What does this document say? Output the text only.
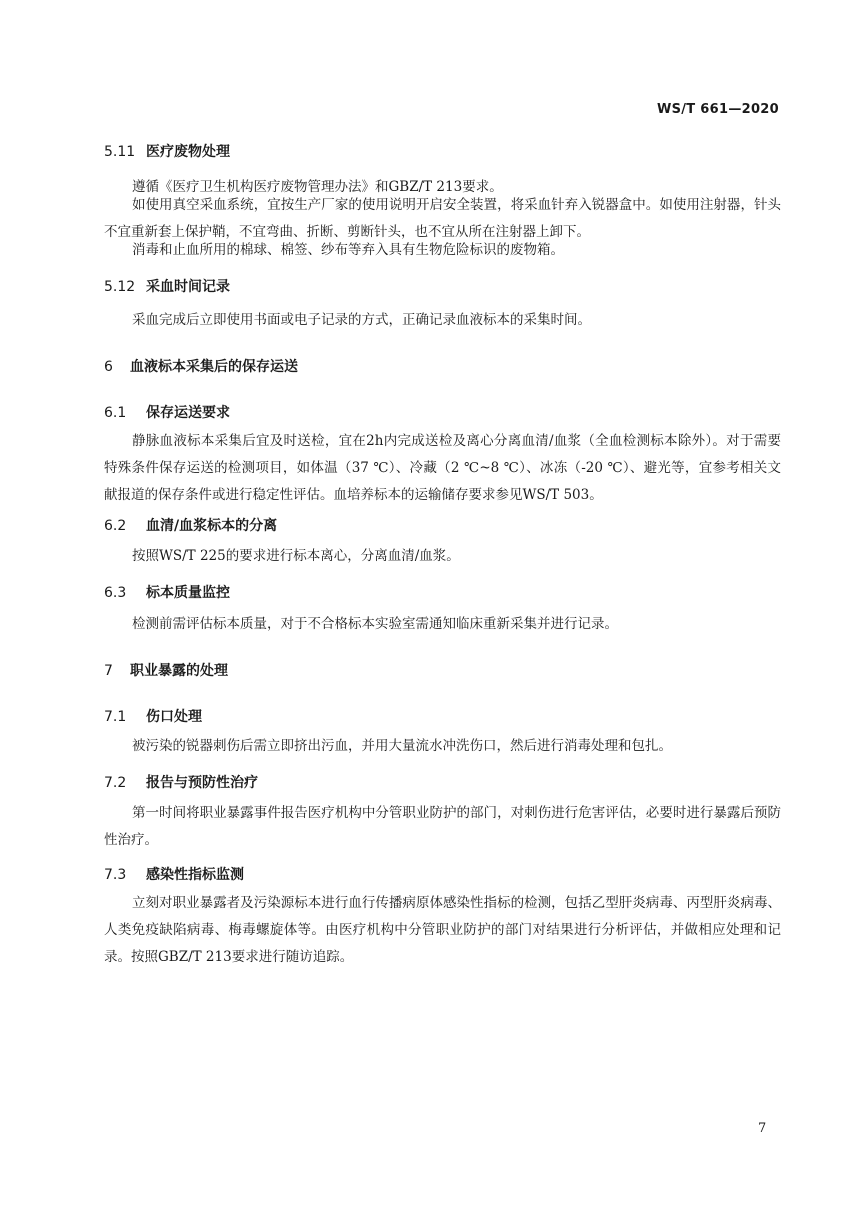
WS/T 661—2020
5.11 医疗废物处理
遵循《医疗卫生机构医疗废物管理办法》和GBZ/T 213要求。
如使用真空采血系统，宜按生产厂家的使用说明开启安全装置，将采血针弃入锐器盒中。如使用注射器，针头不宜重新套上保护鞘，不宜弯曲、折断、剪断针头，也不宜从所在注射器上卸下。
消毒和止血所用的棉球、棉签、纱布等弃入具有生物危险标识的废物箱。
5.12 采血时间记录
采血完成后立即使用书面或电子记录的方式，正确记录血液标本的采集时间。
6 血液标本采集后的保存运送
6.1 保存运送要求
静脉血液标本采集后宜及时送检，宜在2h内完成送检及离心分离血清/血浆（全血检测标本除外）。对于需要特殊条件保存运送的检测项目，如体温（37 ℃）、冷藏（2 ℃~8 ℃）、冰冻（-20 ℃）、避光等，宜参考相关文献报道的保存条件或进行稳定性评估。血培养标本的运输储存要求参见WS/T 503。
6.2 血清/血浆标本的分离
按照WS/T 225的要求进行标本离心，分离血清/血浆。
6.3 标本质量监控
检测前需评估标本质量，对于不合格标本实验室需通知临床重新采集并进行记录。
7 职业暴露的处理
7.1 伤口处理
被污染的锐器刺伤后需立即挤出污血，并用大量流水冲洗伤口，然后进行消毒处理和包扎。
7.2 报告与预防性治疗
第一时间将职业暴露事件报告医疗机构中分管职业防护的部门，对刺伤进行危害评估，必要时进行暴露后预防性治疗。
7.3 感染性指标监测
立刻对职业暴露者及污染源标本进行血行传播病原体感染性指标的检测，包括乙型肝炎病毒、丙型肝炎病毒、人类免疫缺陷病毒、梅毒螺旋体等。由医疗机构中分管职业防护的部门对结果进行分析评估，并做相应处理和记录。按照GBZ/T 213要求进行随访追踪。
7
